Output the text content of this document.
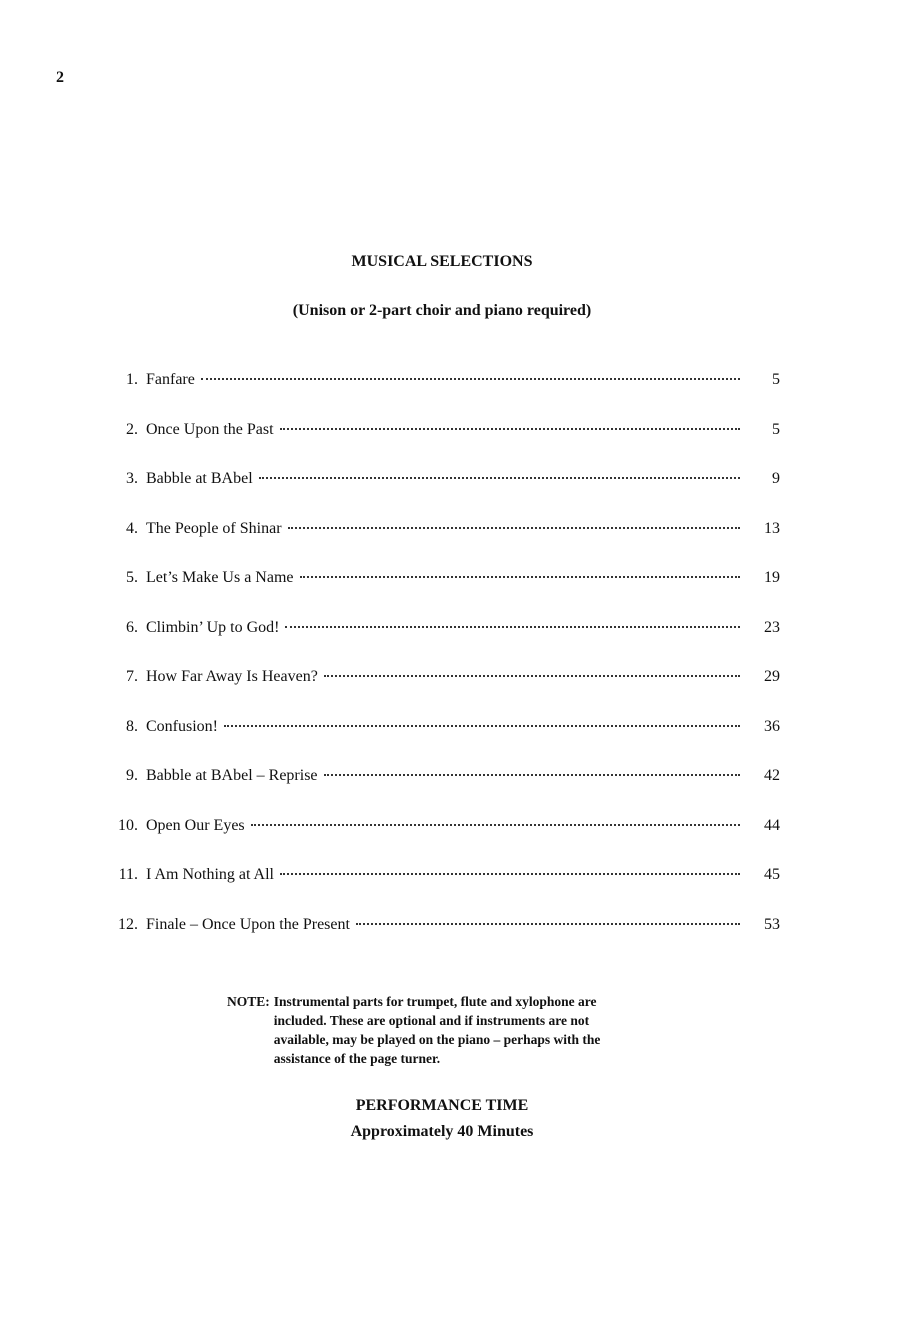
2
MUSICAL SELECTIONS
(Unison or 2-part choir and piano required)
1. Fanfare	5
2. Once Upon the Past	5
3. Babble at BAbel	9
4. The People of Shinar	13
5. Let’s Make Us a Name	19
6. Climbin’ Up to God!	23
7. How Far Away Is Heaven?	29
8. Confusion!	36
9. Babble at BAbel – Reprise	42
10. Open Our Eyes	44
11. I Am Nothing at All	45
12. Finale – Once Upon the Present	53
NOTE: Instrumental parts for trumpet, flute and xylophone are included. These are optional and if instruments are not available, may be played on the piano – perhaps with the assistance of the page turner.
PERFORMANCE TIME
Approximately 40 Minutes
